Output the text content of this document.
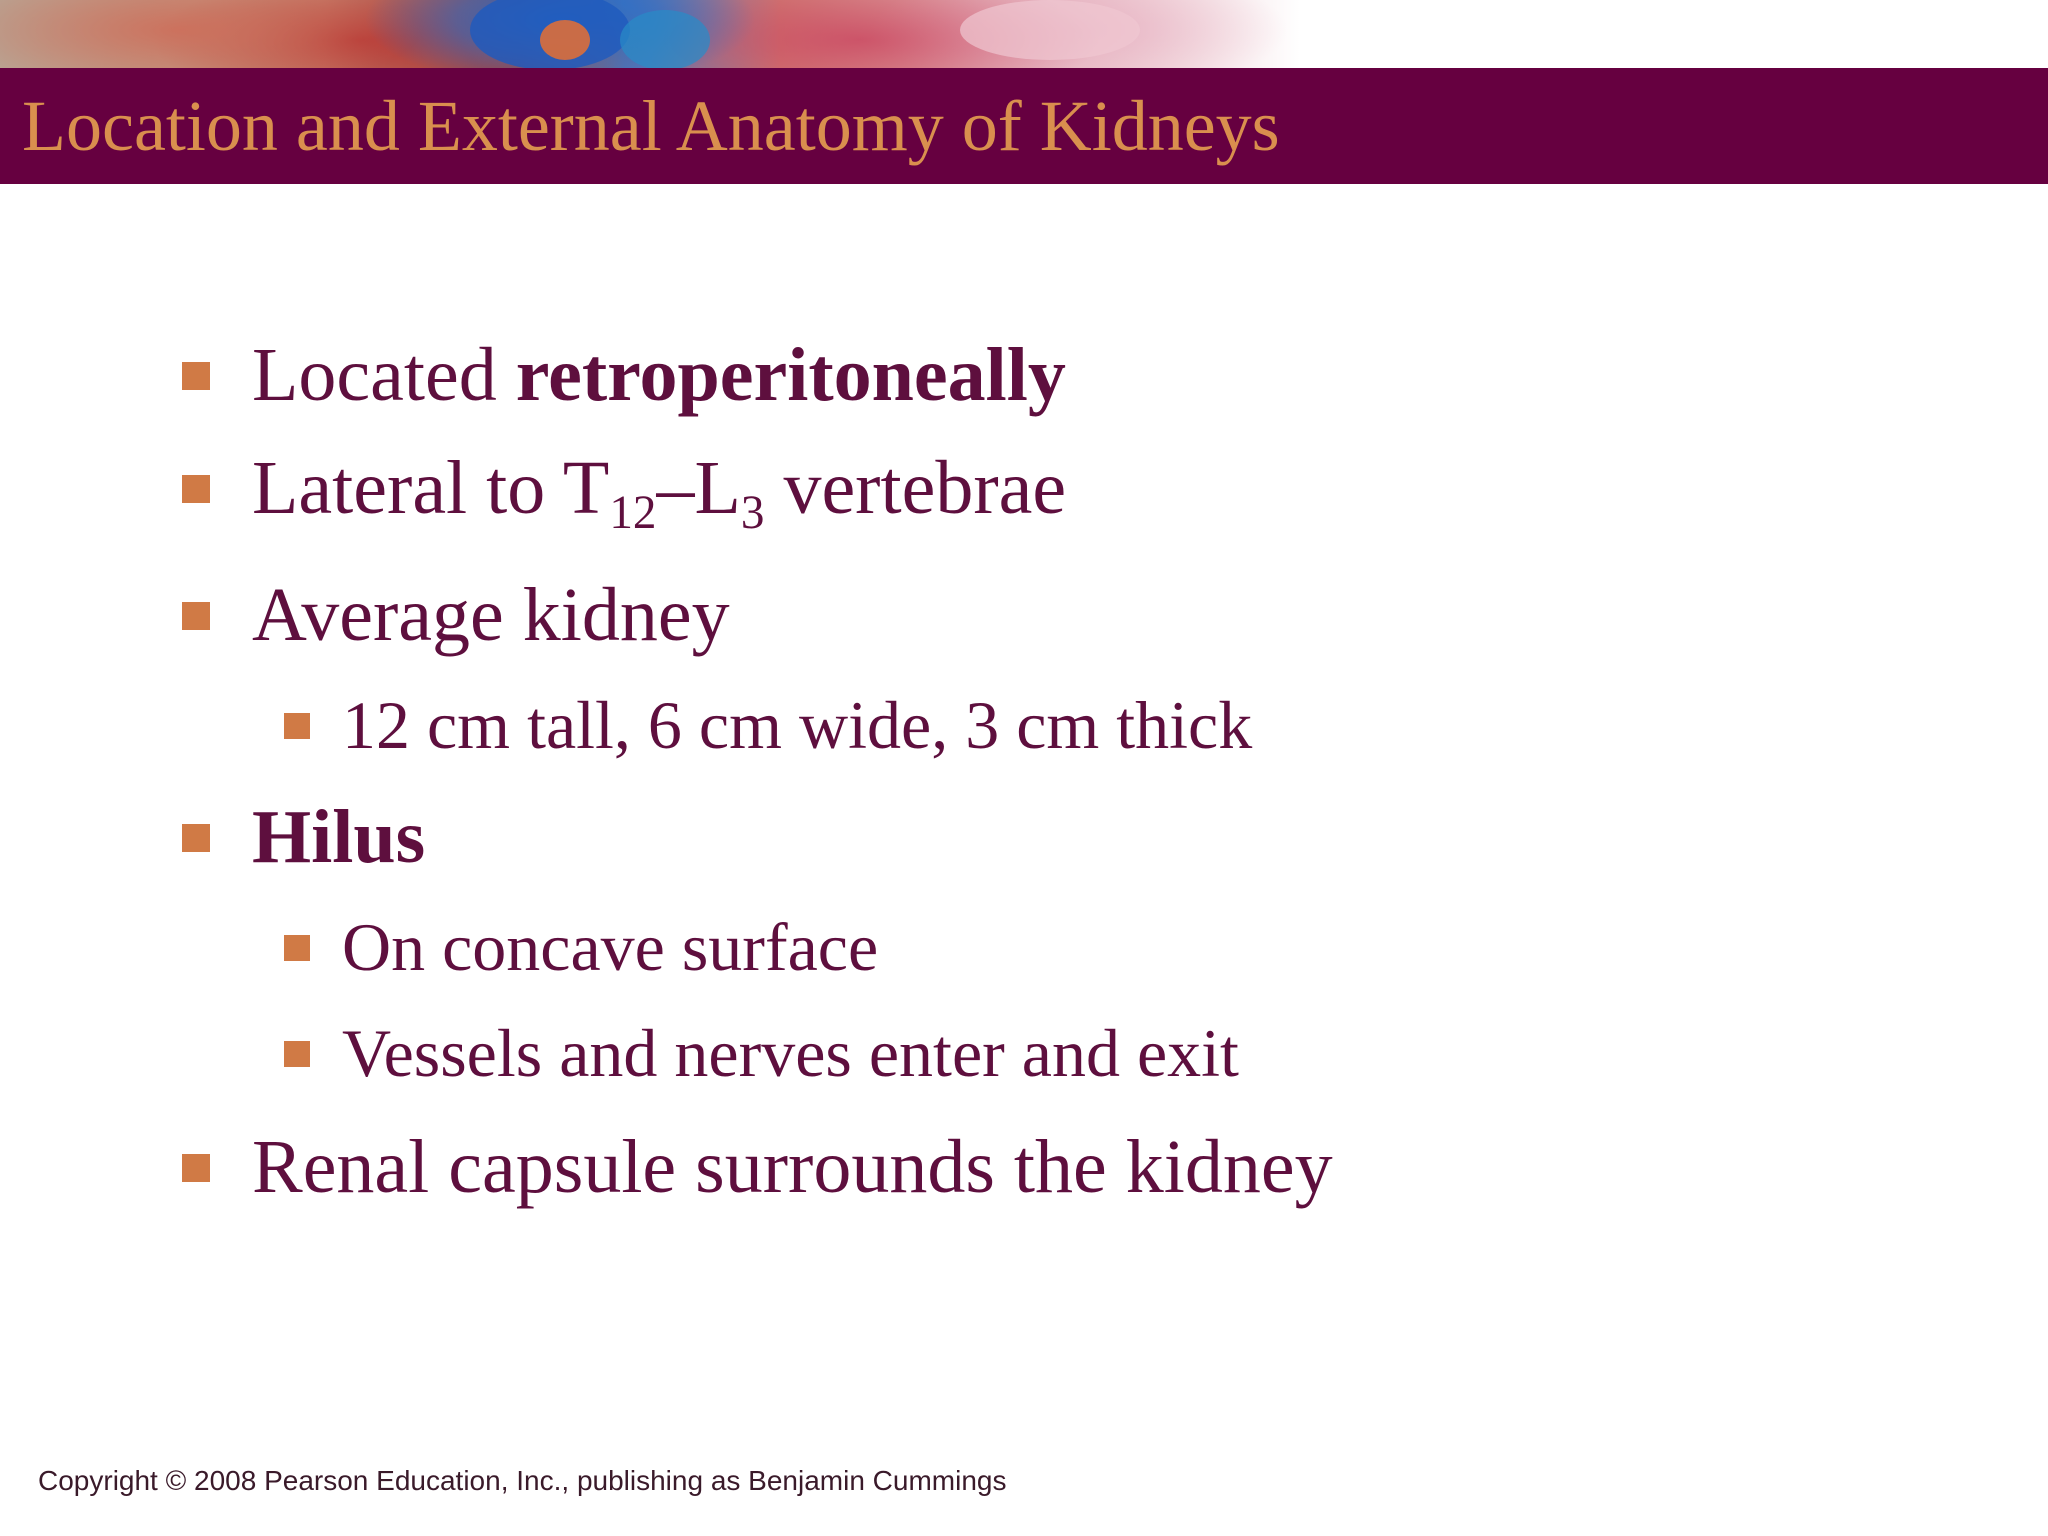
Location and External Anatomy of Kidneys
Located retroperitoneally
Lateral to $T_{12}-L_3$ vertebrae
Average kidney
12 cm tall, 6 cm wide, 3 cm thick
Hilus
On concave surface
Vessels and nerves enter and exit
Renal capsule surrounds the kidney
Copyright © 2008 Pearson Education, Inc., publishing as Benjamin Cummings
